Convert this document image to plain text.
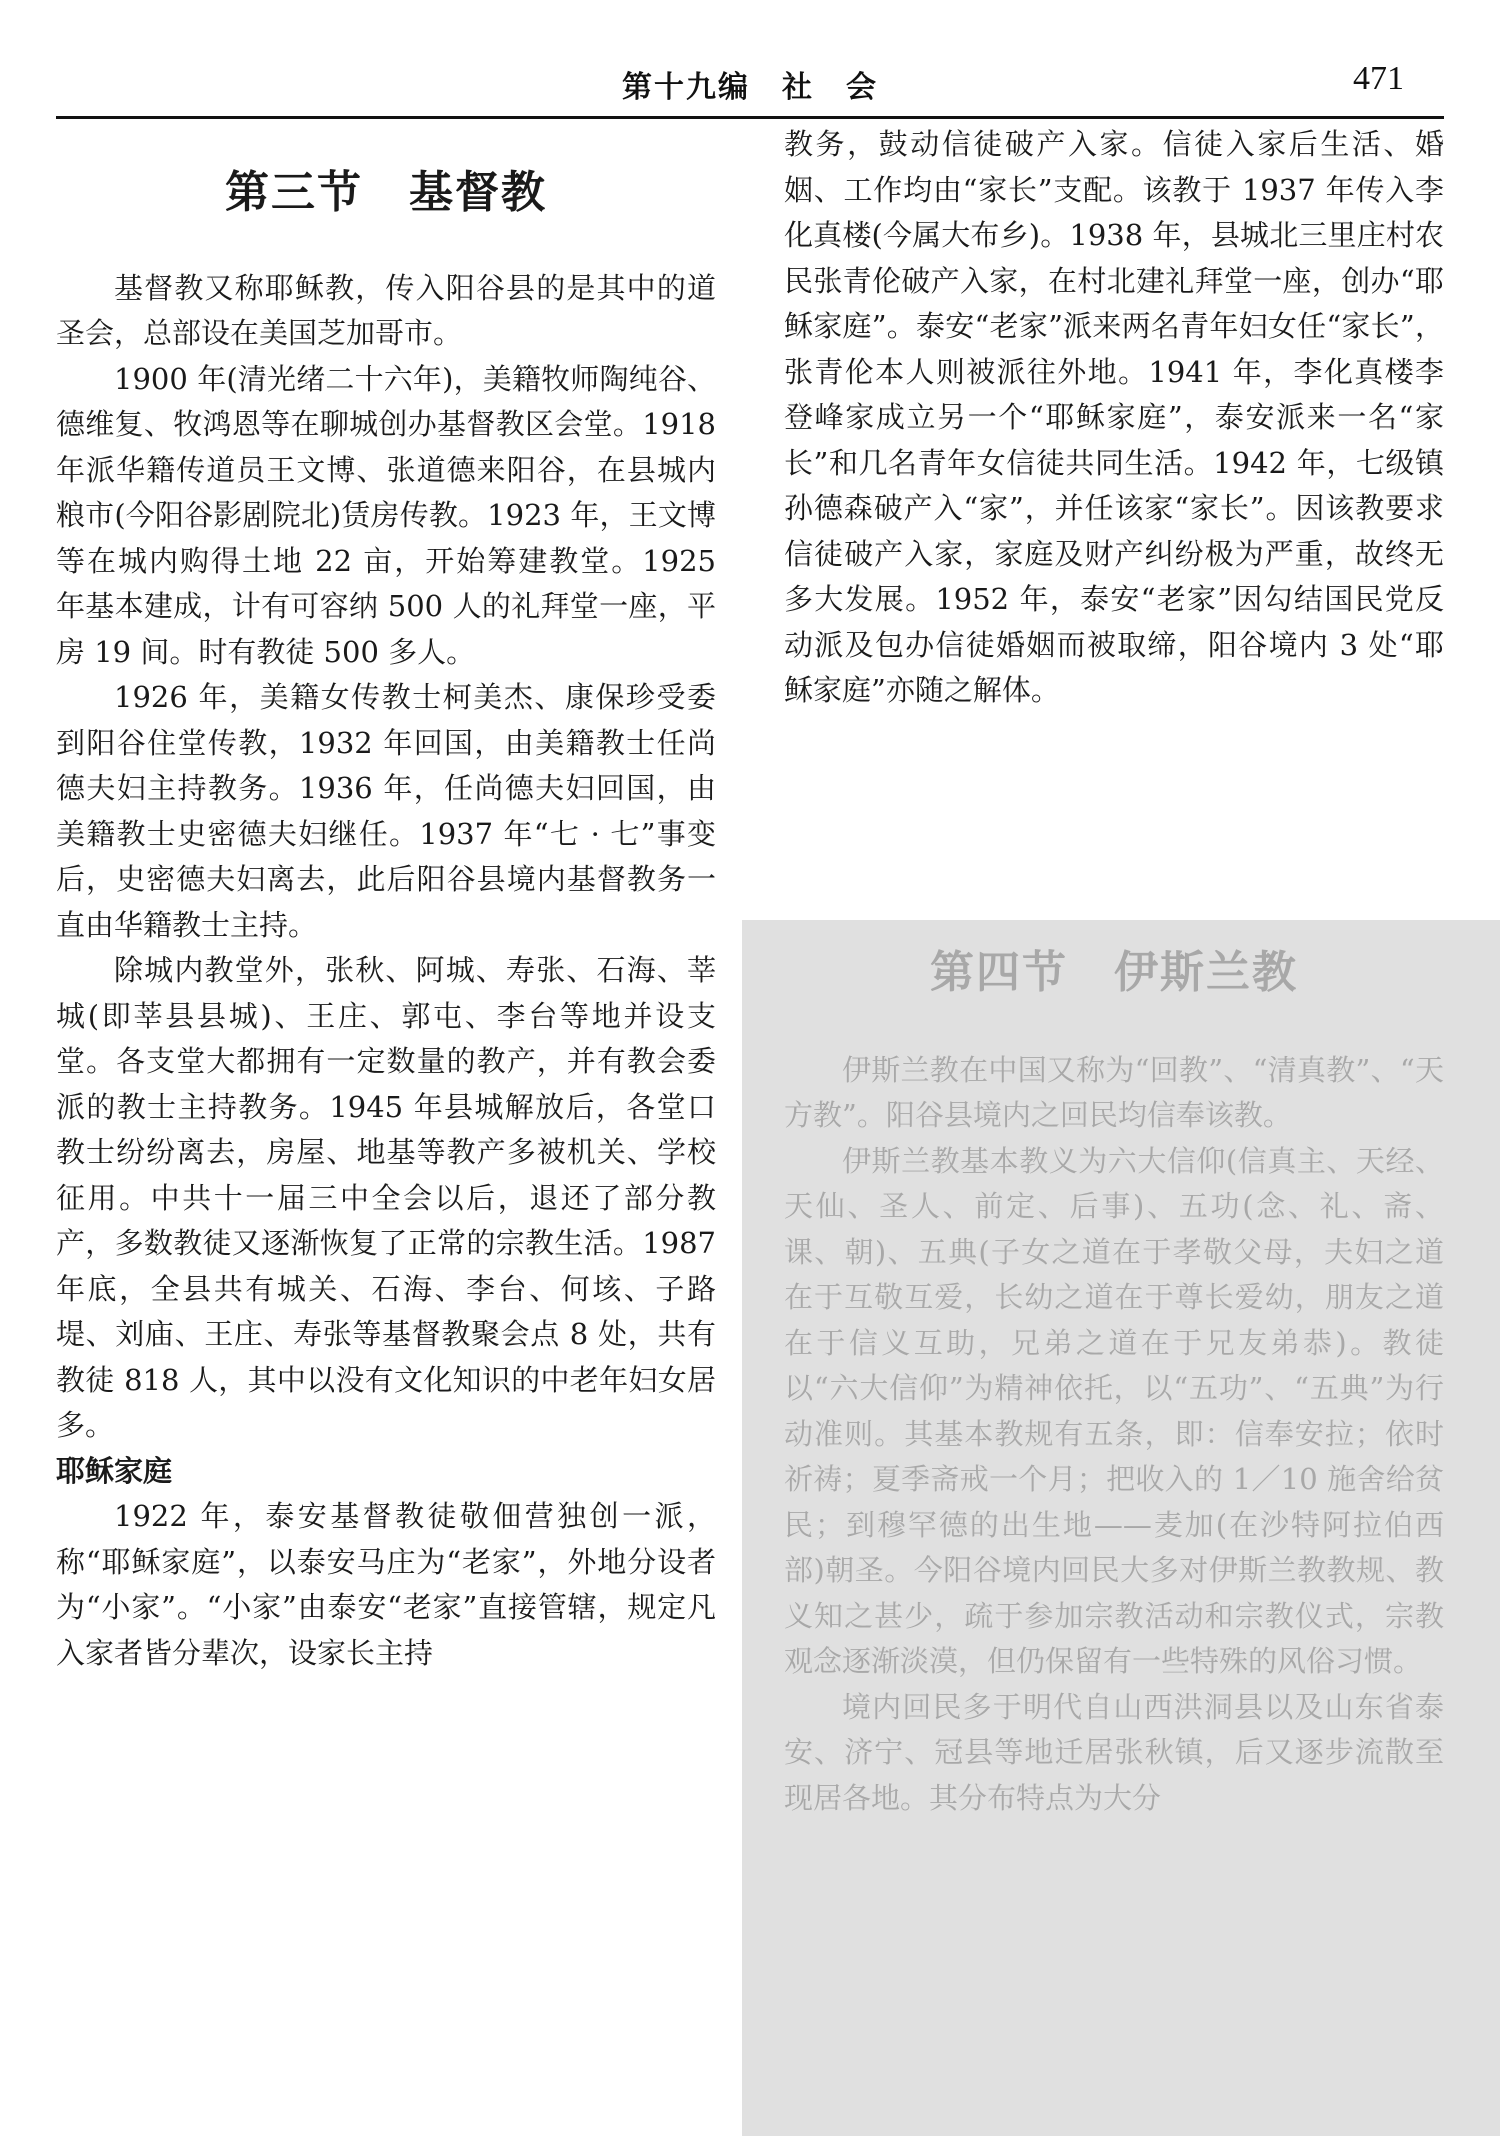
第十九编　社　会	471
第三节　基督教

基督教又称耶稣教，传入阳谷县的是其中的道圣会，总部设在美国芝加哥市。

1900 年(清光绪二十六年)，美籍牧师陶纯谷、德维复、牧鸿恩等在聊城创办基督教区会堂。1918 年派华籍传道员王文博、张道德来阳谷，在县城内粮市(今阳谷影剧院北)赁房传教。1923 年，王文博等在城内购得土地 22 亩，开始筹建教堂。1925 年基本建成，计有可容纳 500 人的礼拜堂一座，平房 19 间。时有教徒 500 多人。

1926 年，美籍女传教士柯美杰、康保珍受委到阳谷住堂传教，1932 年回国，由美籍教士任尚德夫妇主持教务。1936 年，任尚德夫妇回国，由美籍教士史密德夫妇继任。1937 年“七 · 七”事变后，史密德夫妇离去，此后阳谷县境内基督教务一直由华籍教士主持。

除城内教堂外，张秋、阿城、寿张、石海、莘城(即莘县县城)、王庄、郭屯、李台等地并设支堂。各支堂大都拥有一定数量的教产，并有教会委派的教士主持教务。1945 年县城解放后，各堂口教士纷纷离去，房屋、地基等教产多被机关、学校征用。中共十一届三中全会以后，退还了部分教产，多数教徒又逐渐恢复了正常的宗教生活。1987 年底，全县共有城关、石海、李台、何垓、子路堤、刘庙、王庄、寿张等基督教聚会点 8 处，共有教徒 818 人，其中以没有文化知识的中老年妇女居多。

耶稣家庭

1922 年，泰安基督教徒敬佃营独创一派，称“耶稣家庭”，以泰安马庄为“老家”，外地分设者为“小家”。“小家”由泰安“老家”直接管辖，规定凡入家者皆分辈次，设家长主持

教务，鼓动信徒破产入家。信徒入家后生活、婚姻、工作均由“家长”支配。该教于 1937 年传入李化真楼(今属大布乡)。1938 年，县城北三里庄村农民张青伦破产入家，在村北建礼拜堂一座，创办“耶稣家庭”。泰安“老家”派来两名青年妇女任“家长”，张青伦本人则被派往外地。1941 年，李化真楼李登峰家成立另一个“耶稣家庭”，泰安派来一名“家长”和几名青年女信徒共同生活。1942 年，七级镇孙德森破产入“家”，并任该家“家长”。因该教要求信徒破产入家，家庭及财产纠纷极为严重，故终无多大发展。1952 年，泰安“老家”因勾结国民党反动派及包办信徒婚姻而被取缔，阳谷境内 3 处“耶稣家庭”亦随之解体。

第四节　伊斯兰教

伊斯兰教在中国又称为“回教”、“清真教”、“天方教”。阳谷县境内之回民均信奉该教。

伊斯兰教基本教义为六大信仰(信真主、天经、天仙、圣人、前定、后事)、五功(念、礼、斋、课、朝)、五典(子女之道在于孝敬父母，夫妇之道在于互敬互爱，长幼之道在于尊长爱幼，朋友之道在于信义互助，兄弟之道在于兄友弟恭)。教徒以“六大信仰”为精神依托，以“五功”、“五典”为行动准则。其基本教规有五条，即：信奉安拉；依时祈祷；夏季斋戒一个月；把收入的 1／10 施舍给贫民；到穆罕德的出生地——麦加(在沙特阿拉伯西部)朝圣。今阳谷境内回民大多对伊斯兰教教规、教义知之甚少，疏于参加宗教活动和宗教仪式，宗教观念逐渐淡漠，但仍保留有一些特殊的风俗习惯。

境内回民多于明代自山西洪洞县以及山东省泰安、济宁、冠县等地迁居张秋镇，后又逐步流散至现居各地。其分布特点为大分
